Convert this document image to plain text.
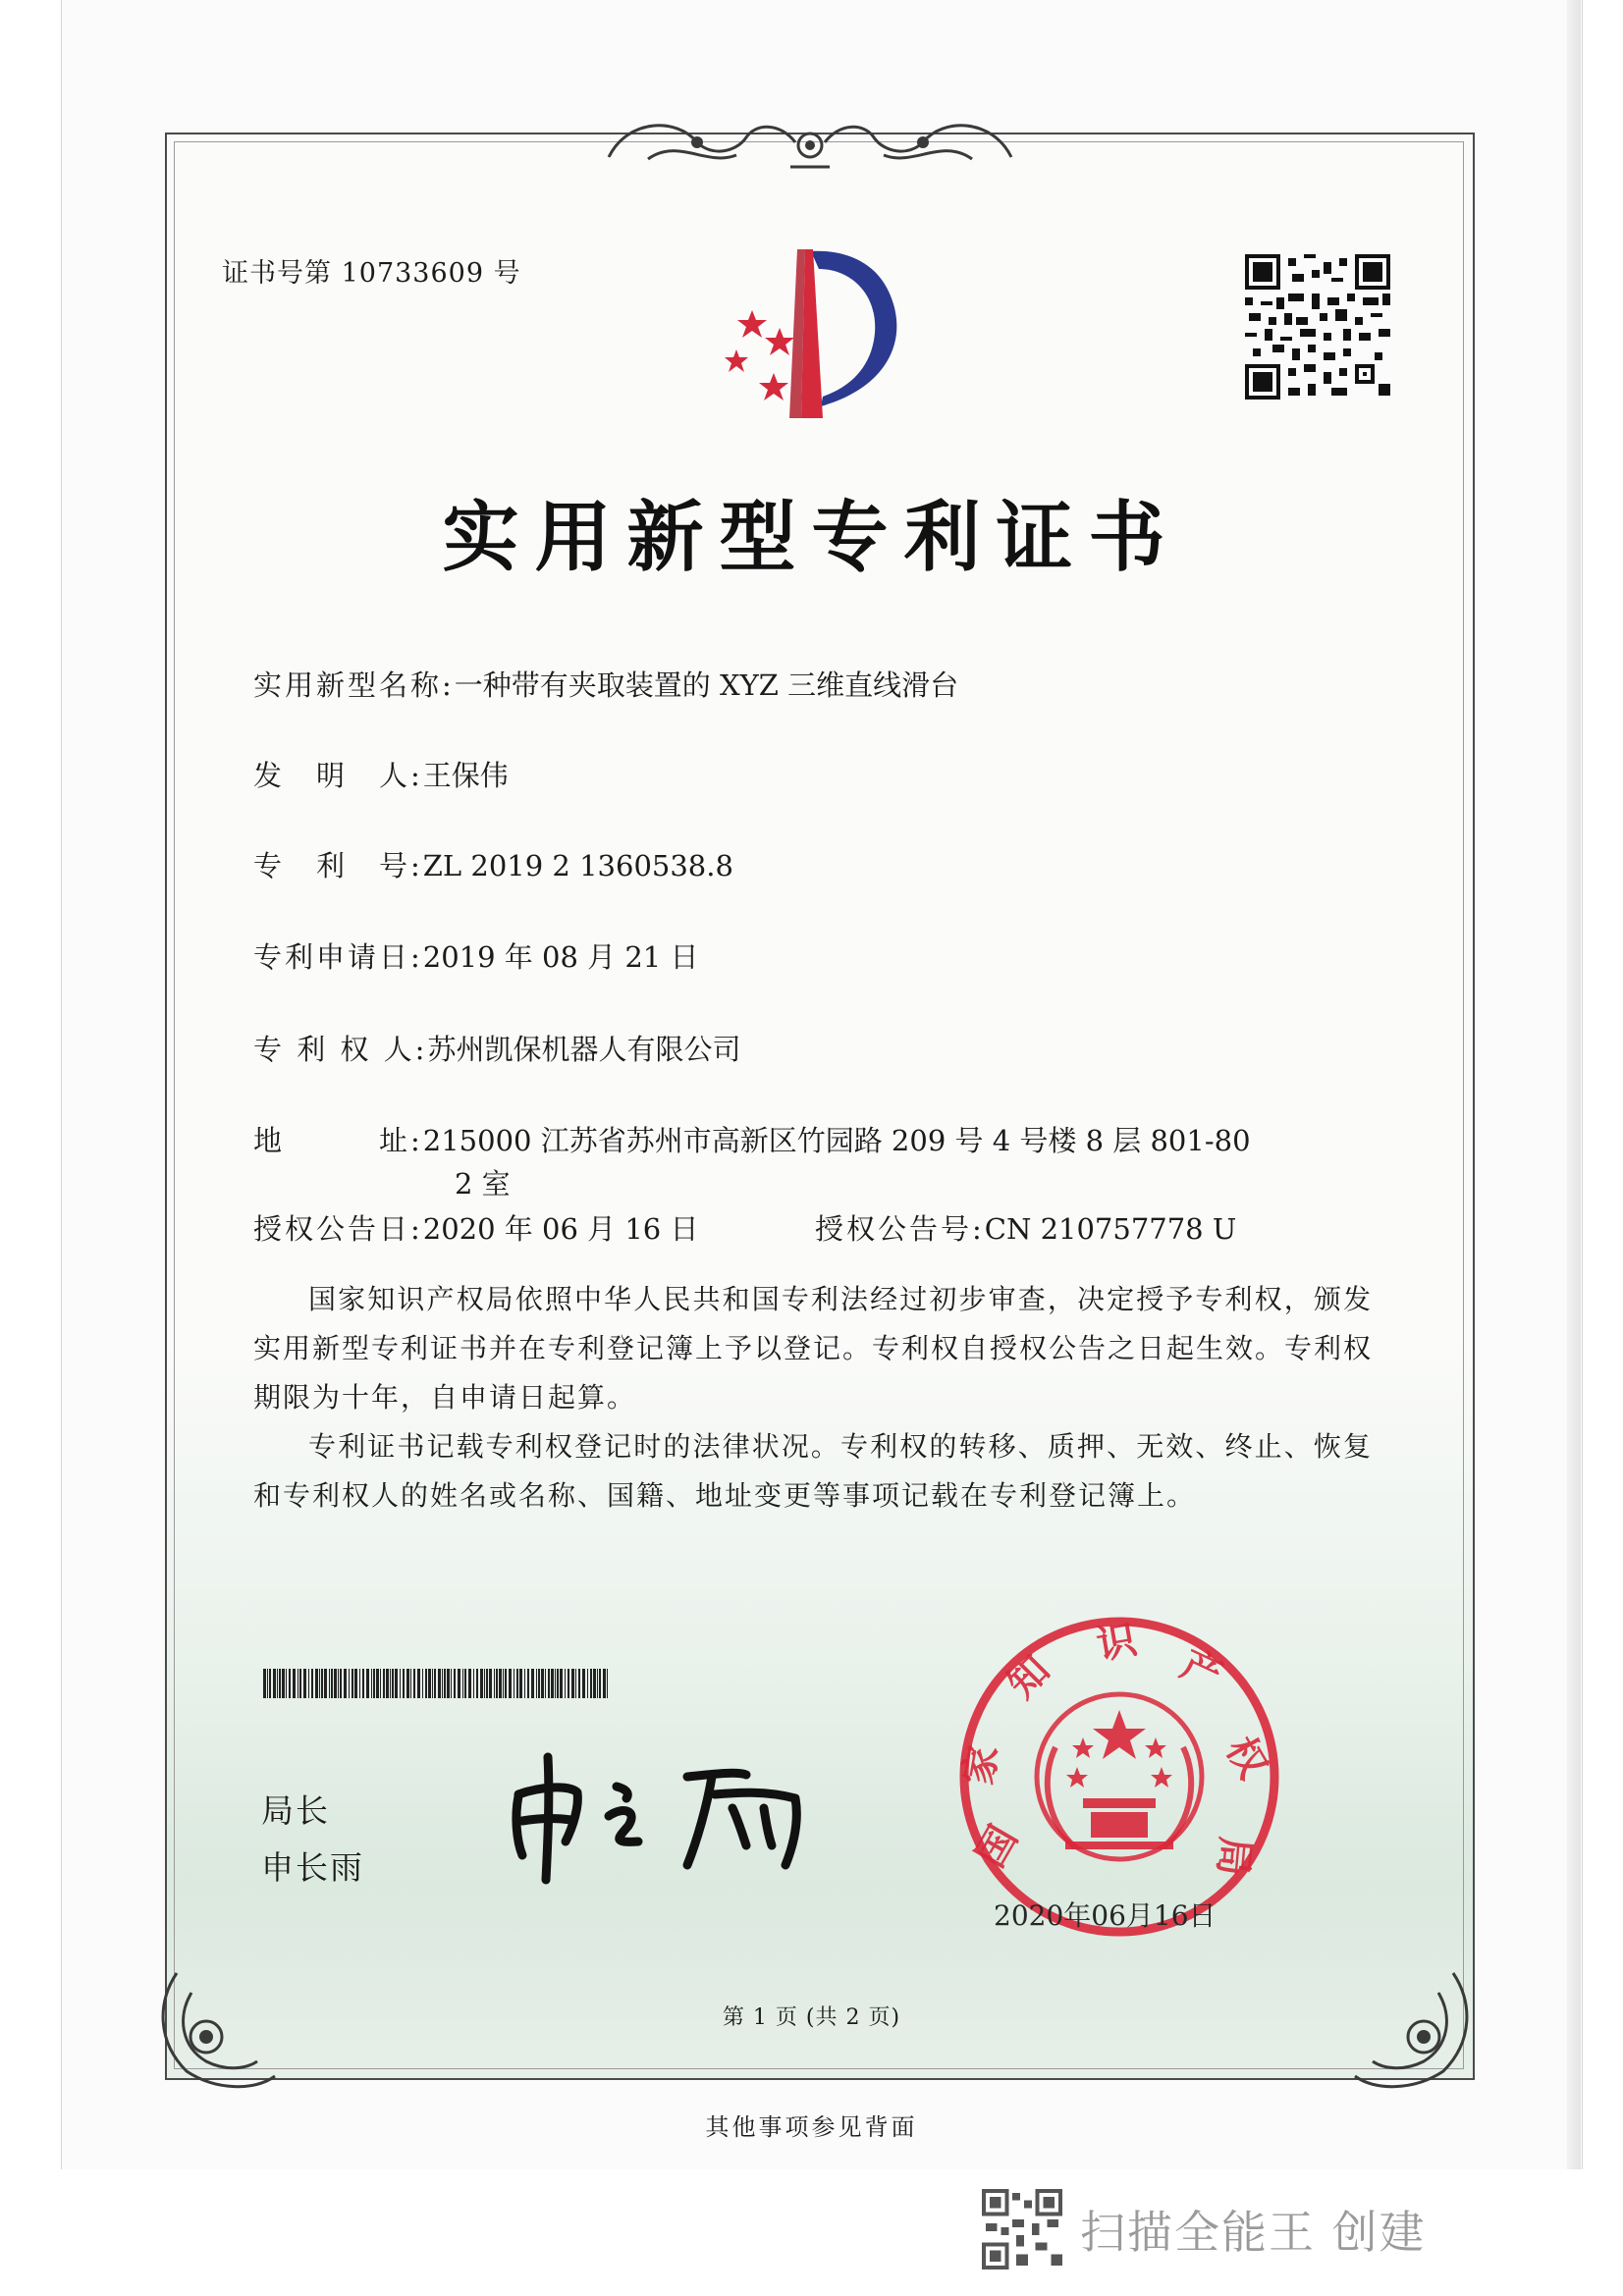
证书号第 10733609 号
实用新型专利证书
实用新型名称:一种带有夹取装置的 XYZ 三维直线滑台
发　明　人:王保伟
专　利　号:ZL 2019 2 1360538.8
专利申请日:2019 年 08 月 21 日
专 利 权 人:苏州凯保机器人有限公司
地　　　址:215000 江苏省苏州市高新区竹园路 209 号 4 号楼 8 层 801-80
2 室
授权公告日:2020 年 06 月 16 日	授权公告号:CN 210757778 U

国家知识产权局依照中华人民共和国专利法经过初步审查，决定授予专利权，颁发实用新型专利证书并在专利登记簿上予以登记。专利权自授权公告之日起生效。专利权期限为十年，自申请日起算。

专利证书记载专利权登记时的法律状况。专利权的转移、质押、无效、终止、恢复和专利权人的姓名或名称、国籍、地址变更等事项记载在专利登记簿上。

局长
申长雨	国
家
知
识 产
权
局
2020年06月16日
第 1 页 (共 2 页)
其他事项参见背面
扫描全能王 创建
